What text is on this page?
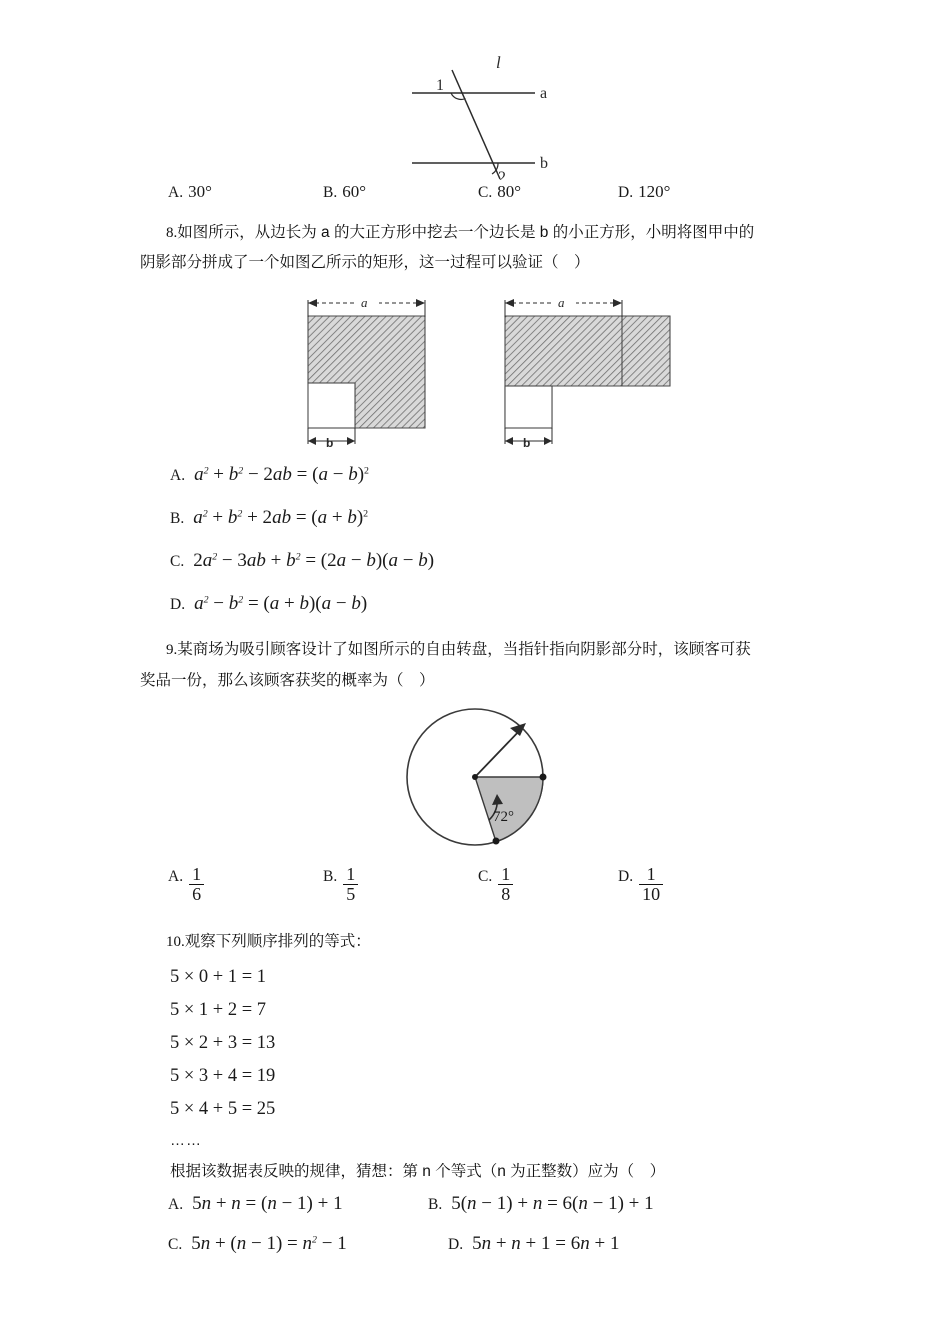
l
1	a
b
2
A. 30°	B. 60°	C. 80°	D. 120°
8.如图所示，从边长为 a 的大正方形中挖去一个边长是 b 的小正方形，小明将图甲中的
阴影部分拼成了一个如图乙所示的矩形，这一过程可以验证（　）
a
b
a
b
A. $a^2 + b^2 - 2ab = (a - b)^2$
B. $a^2 + b^2 + 2ab = (a + b)^2$
C. $2a^2 - 3ab + b^2 = (2a - b)(a - b)$
D. $a^2 - b^2 = (a + b)(a - b)$
9.某商场为吸引顾客设计了如图所示的自由转盘，当指针指向阴影部分时，该顾客可获
奖品一份，那么该顾客获奖的概率为（　）
72°
A. $\frac{1}{6}$	B. $\frac{1}{5}$	C. $\frac{1}{8}$	D. $\frac{1}{10}$
10.观察下列顺序排列的等式：
5 × 0 + 1 = 1
5 × 1 + 2 = 7
5 × 2 + 3 = 13
5 × 3 + 4 = 19
5 × 4 + 5 = 25
……
根据该数据表反映的规律，猜想：第 n 个等式（n 为正整数）应为（　）
A. 5n + n = (n − 1) + 1	B. 5(n − 1) + n = 6(n − 1) + 1
C. $5n + (n - 1) = n^2 - 1$	D. 5n + n + 1 = 6n + 1
